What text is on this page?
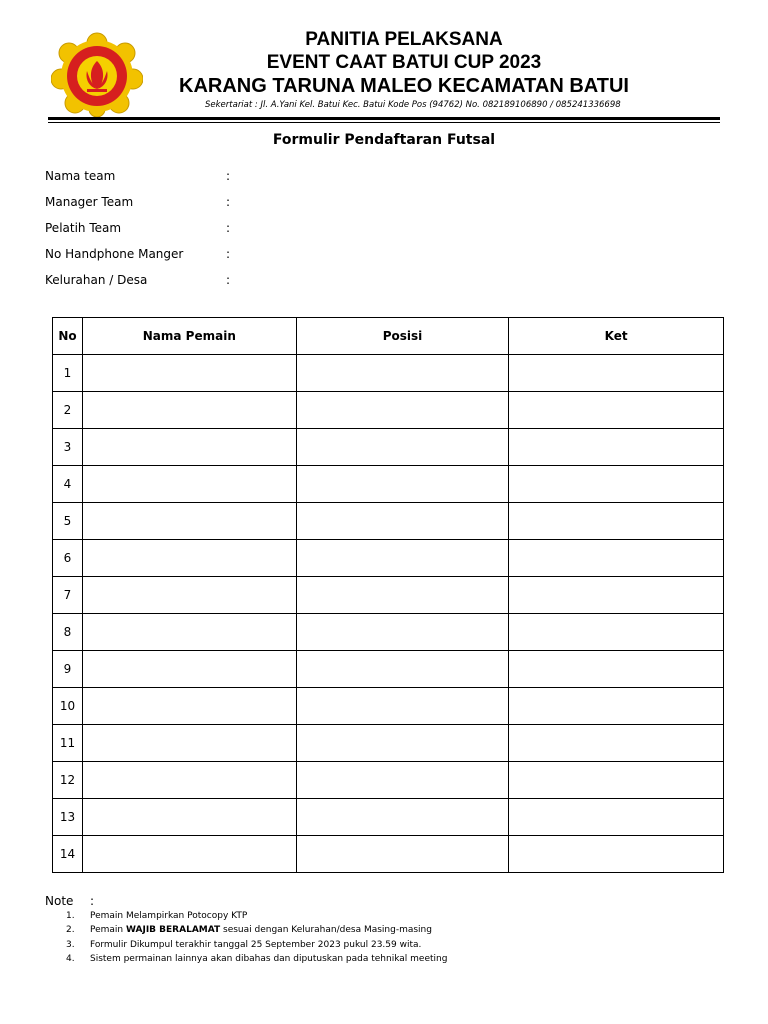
PANITIA PELAKSANA
EVENT CAAT BATUI CUP 2023
KARANG TARUNA MALEO KECAMATAN BATUI
Sekertariat : Jl. A.Yani Kel. Batui Kec. Batui Kode Pos (94762) No. 082189106890 / 085241336698
Formulir Pendaftaran Futsal
Nama team	:
Manager Team	:
Pelatih Team	:
No Handphone Manger	:
Kelurahan / Desa	:
No	Nama Pemain	Posisi	Ket
1			
2			
3			
4			
5			
6			
7			
8			
9			
10			
11			
12			
13			
14			
Note :
1. Pemain Melampirkan Potocopy KTP
2. Pemain WAJIB BERALAMAT sesuai dengan Kelurahan/desa Masing-masing
3. Formulir Dikumpul terakhir tanggal 25 September 2023 pukul 23.59 wita.
4. Sistem permainan lainnya akan dibahas dan diputuskan pada tehnikal meeting
